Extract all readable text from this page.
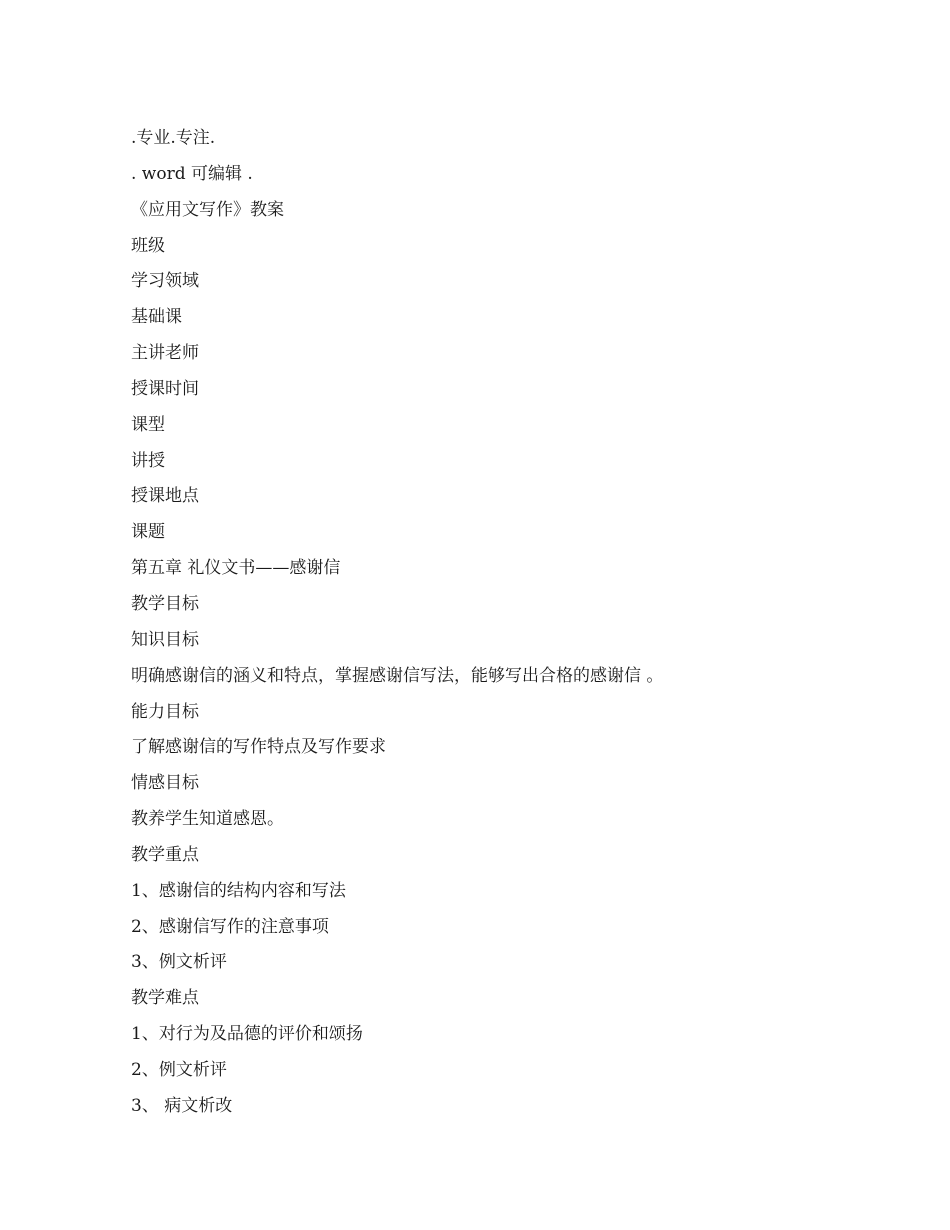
.专业.专注.
. word 可编辑 .
《应用文写作》教案
班级
学习领域
基础课
主讲老师
授课时间
课型
讲授
授课地点
课题
第五章 礼仪文书——感谢信
教学目标
知识目标
明确感谢信的涵义和特点，掌握感谢信写法，能够写出合格的感谢信 。
能力目标
了解感谢信的写作特点及写作要求
情感目标
教养学生知道感恩。
教学重点
1、感谢信的结构内容和写法
2、感谢信写作的注意事项
3、例文析评
教学难点
1、对行为及品德的评价和颂扬
2、例文析评
3、 病文析改
